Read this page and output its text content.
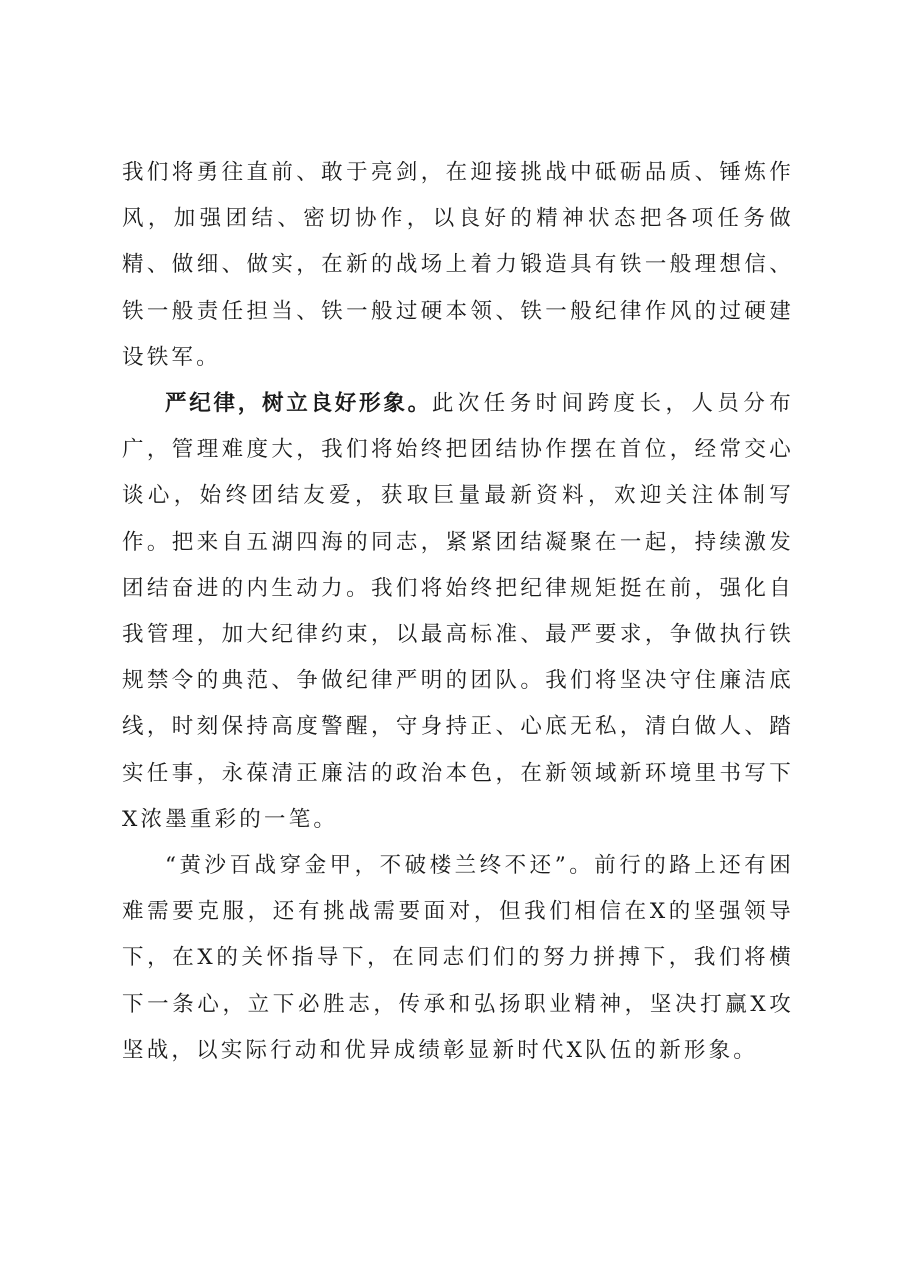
我们将勇往直前、敢于亮剑，在迎接挑战中砥砺品质、锤炼作风，加强团结、密切协作，以良好的精神状态把各项任务做精、做细、做实，在新的战场上着力锻造具有铁一般理想信、铁一般责任担当、铁一般过硬本领、铁一般纪律作风的过硬建设铁军。

严纪律，树立良好形象。此次任务时间跨度长，人员分布广，管理难度大，我们将始终把团结协作摆在首位，经常交心谈心，始终团结友爱，获取巨量最新资料，欢迎关注体制写作。把来自五湖四海的同志，紧紧团结凝聚在一起，持续激发团结奋进的内生动力。我们将始终把纪律规矩挺在前，强化自我管理，加大纪律约束，以最高标准、最严要求，争做执行铁规禁令的典范、争做纪律严明的团队。我们将坚决守住廉洁底线，时刻保持高度警醒，守身持正、心底无私，清白做人、踏实任事，永葆清正廉洁的政治本色，在新领域新环境里书写下X浓墨重彩的一笔。

“黄沙百战穿金甲，不破楼兰终不还”。前行的路上还有困难需要克服，还有挑战需要面对，但我们相信在X的坚强领导下，在X的关怀指导下，在同志们们的努力拼搏下，我们将横下一条心，立下必胜志，传承和弘扬职业精神，坚决打赢X攻坚战，以实际行动和优异成绩彰显新时代X队伍的新形象。
